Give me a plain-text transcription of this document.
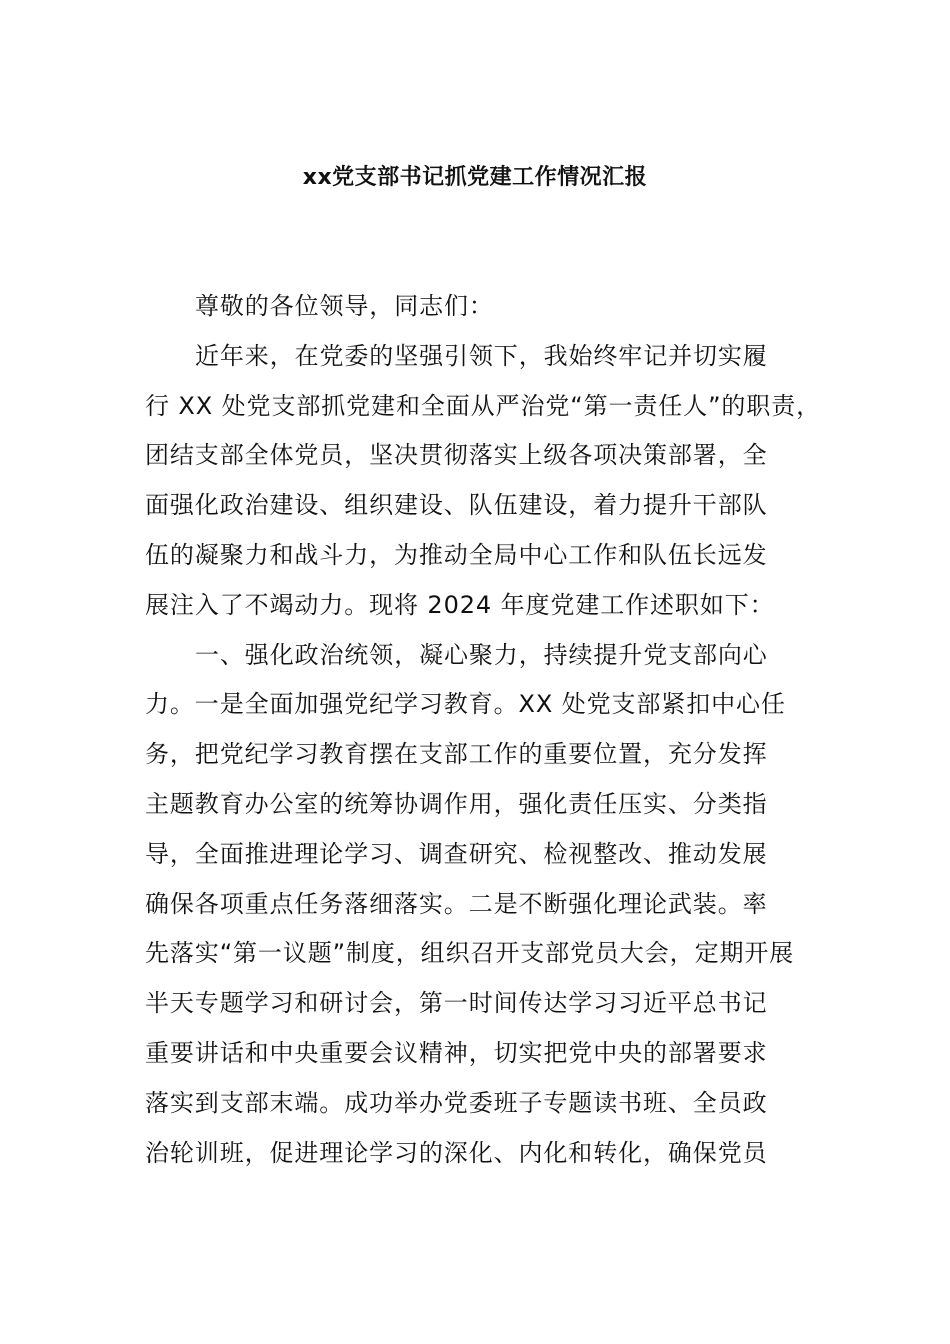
xx党支部书记抓党建工作情况汇报
尊敬的各位领导，同志们：
近年来，在党委的坚强引领下，我始终牢记并切实履
行 XX 处党支部抓党建和全面从严治党“第一责任人”的职责，
团结支部全体党员，坚决贯彻落实上级各项决策部署，全
面强化政治建设、组织建设、队伍建设，着力提升干部队
伍的凝聚力和战斗力，为推动全局中心工作和队伍长远发
展注入了不竭动力。现将 2024 年度党建工作述职如下：
一、强化政治统领，凝心聚力，持续提升党支部向心
力。一是全面加强党纪学习教育。XX 处党支部紧扣中心任
务，把党纪学习教育摆在支部工作的重要位置，充分发挥
主题教育办公室的统筹协调作用，强化责任压实、分类指
导，全面推进理论学习、调查研究、检视整改、推动发展
确保各项重点任务落细落实。二是不断强化理论武装。率
先落实“第一议题”制度，组织召开支部党员大会，定期开展
半天专题学习和研讨会，第一时间传达学习习近平总书记
重要讲话和中央重要会议精神，切实把党中央的部署要求
落实到支部末端。成功举办党委班子专题读书班、全员政
治轮训班，促进理论学习的深化、内化和转化，确保党员
